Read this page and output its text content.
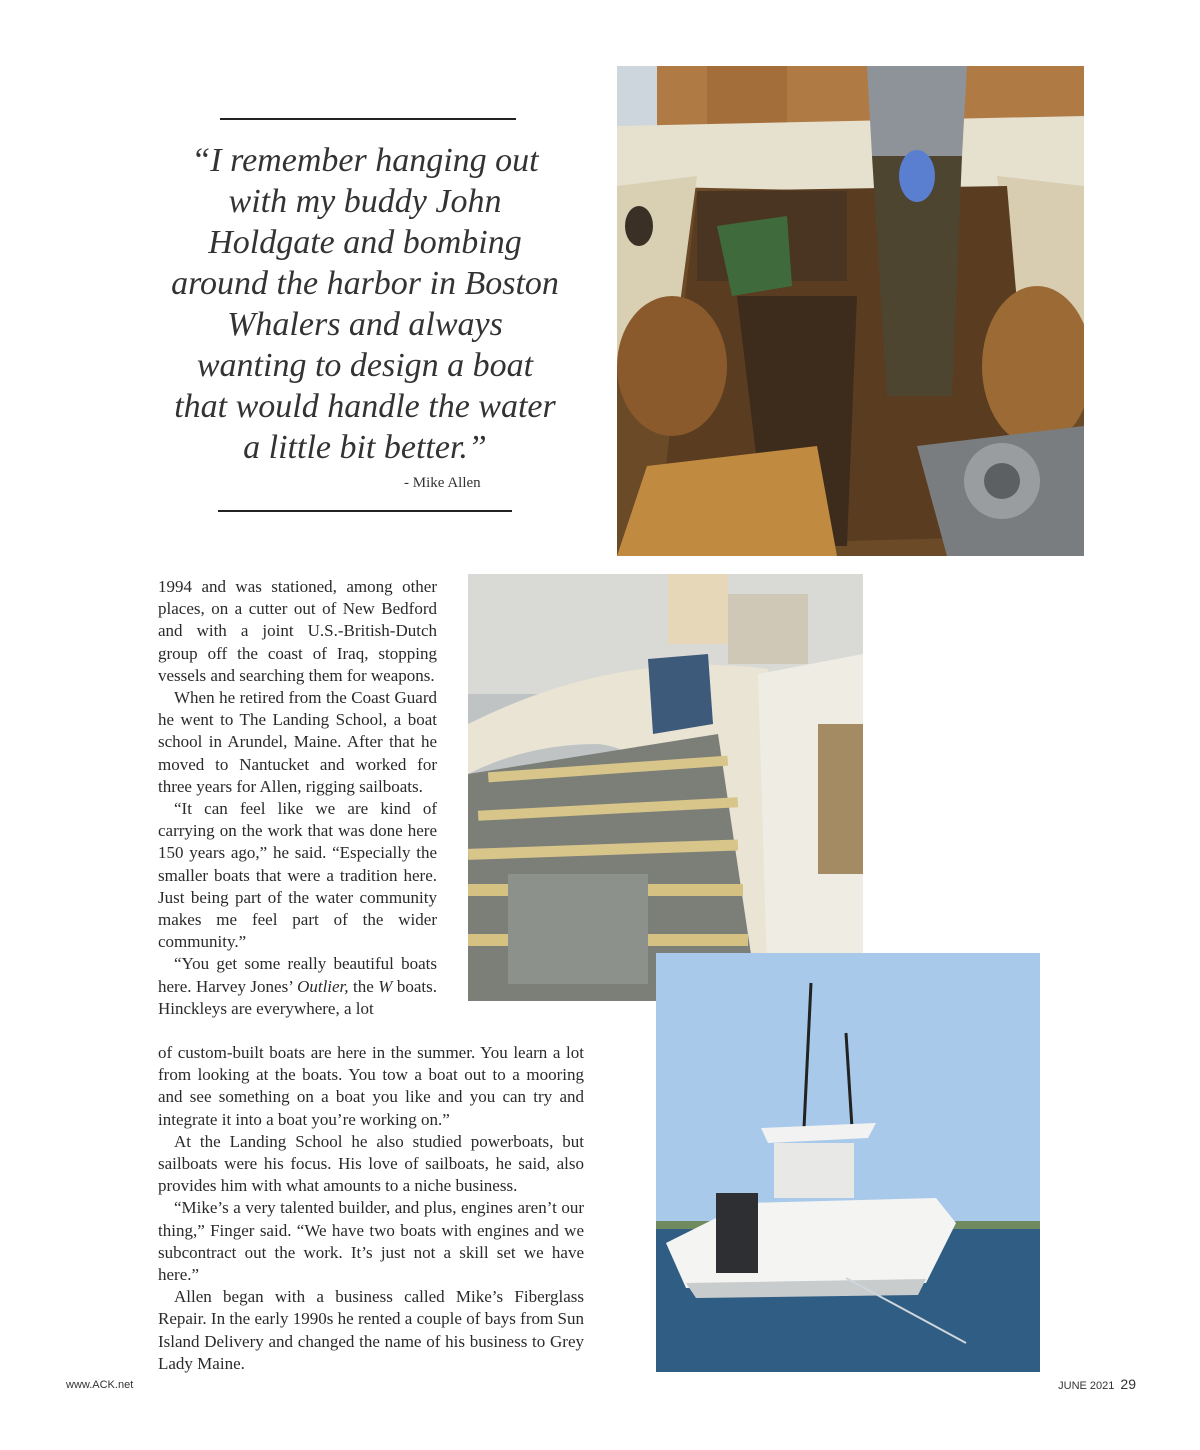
“I remember hanging out with my buddy John Holdgate and bombing around the harbor in Boston Whalers and always wanting to design a boat that would handle the water a little bit better.”
- Mike Allen

1994 and was stationed, among other places, on a cutter out of New Bedford and with a joint U.S.-British-Dutch group off the coast of Iraq, stopping vessels and searching them for weapons.

When he retired from the Coast Guard he went to The Landing School, a boat school in Arundel, Maine. After that he moved to Nantucket and worked for three years for Allen, rigging sailboats.

“It can feel like we are kind of carrying on the work that was done here 150 years ago,” he said. “Especially the smaller boats that were a tradition here. Just being part of the water community makes me feel part of the wider community.”

“You get some really beautiful boats here. Harvey Jones’ Outlier, the W boats. Hinckleys are everywhere, a lot

of custom-built boats are here in the summer. You learn a lot from looking at the boats. You tow a boat out to a mooring and see something on a boat you like and you can try and integrate it into a boat you’re working on.”

At the Landing School he also studied powerboats, but sailboats were his focus. His love of sailboats, he said, also provides him with what amounts to a niche business.

“Mike’s a very talented builder, and plus, engines aren’t our thing,” Finger said. “We have two boats with engines and we subcontract out the work. It’s just not a skill set we have here.”

Allen began with a business called Mike’s Fiberglass Repair. In the early 1990s he rented a couple of bays from Sun Island Delivery and changed the name of his business to Grey Lady Maine.

www.ACK.net	JUNE 2021 29
